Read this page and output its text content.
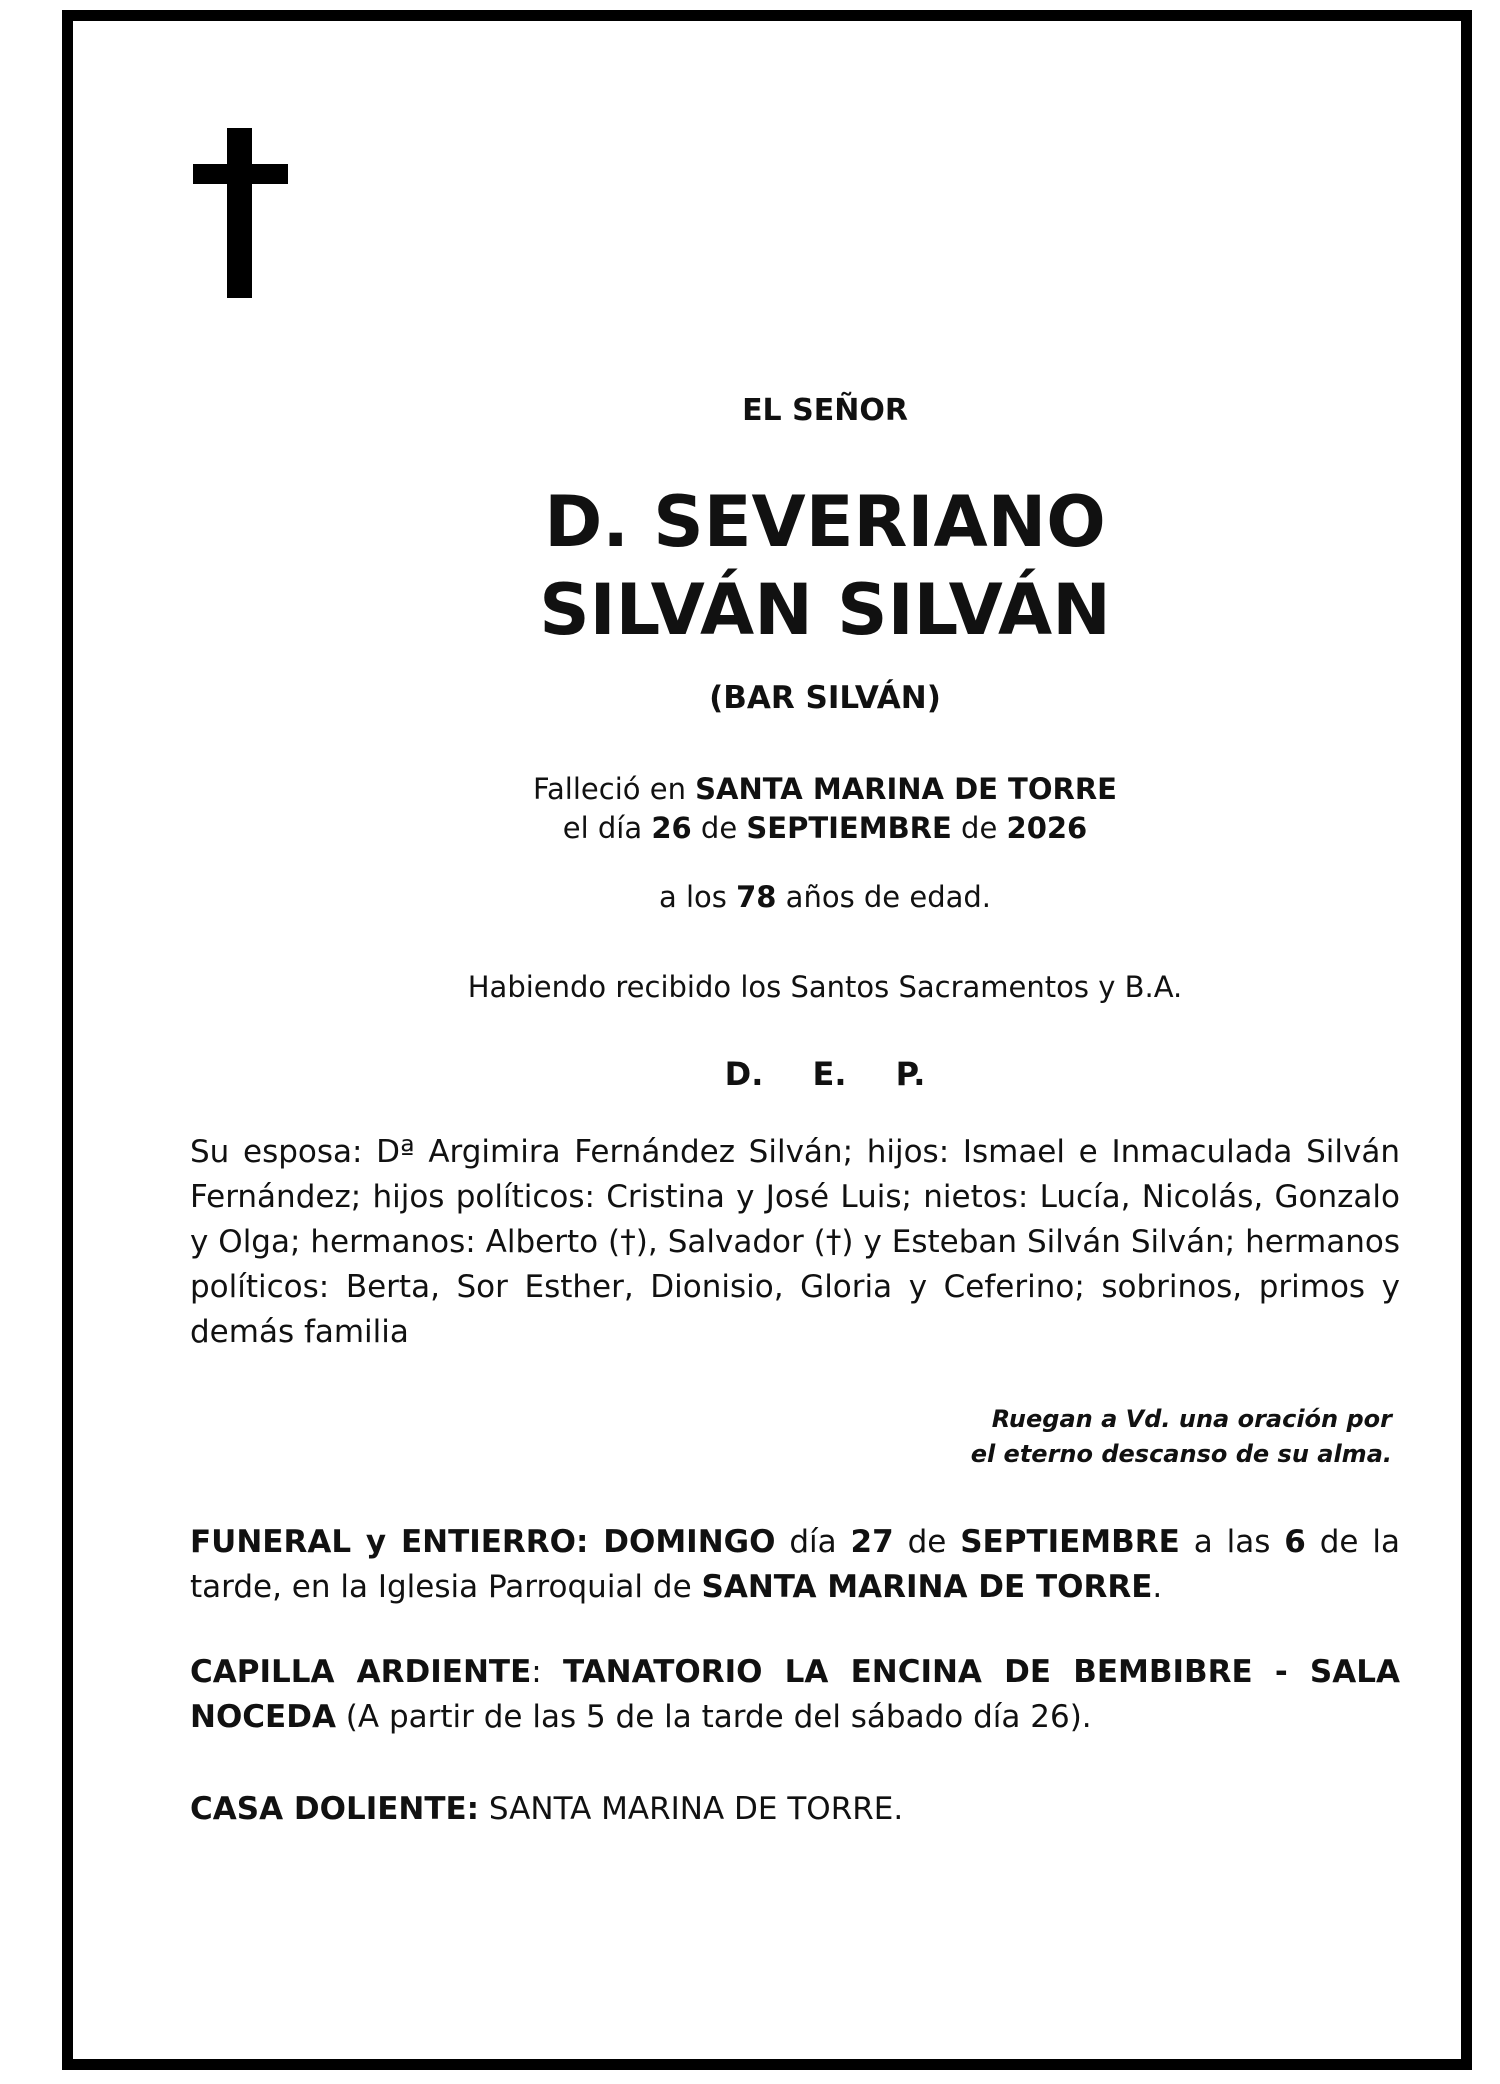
EL SEÑOR
D. SEVERIANO
SILVÁN SILVÁN
(BAR SILVÁN)
Falleció en SANTA MARINA DE TORRE
el día 26 de SEPTIEMBRE de 2026
a los 78 años de edad.
Habiendo recibido los Santos Sacramentos y B.A.
D. E. P.
Su esposa: Dª Argimira Fernández Silván; hijos: Ismael e Inmaculada Silván Fernández; hijos políticos: Cristina y José Luis; nietos: Lucía, Nicolás, Gonzalo y Olga; hermanos: Alberto (†), Salvador (†) y Esteban Silván Silván; hermanos políticos: Berta, Sor Esther, Dionisio, Gloria y Ceferino; sobrinos, primos y demás familia
Ruegan a Vd. una oración por
el eterno descanso de su alma.
FUNERAL y ENTIERRO: DOMINGO día 27 de SEPTIEMBRE a las 6 de la tarde, en la Iglesia Parroquial de SANTA MARINA DE TORRE.
CAPILLA ARDIENTE: TANATORIO LA ENCINA DE BEMBIBRE - SALA NOCEDA (A partir de las 5 de la tarde del sábado día 26).
CASA DOLIENTE: SANTA MARINA DE TORRE.
